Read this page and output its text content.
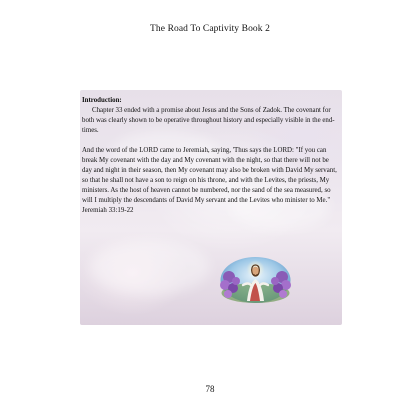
The Road To Captivity Book 2

Introduction:

Chapter 33 ended with a promise about Jesus and the Sons of Zadok. The covenant for both was clearly shown to be operative throughout history and especially visible in the end-times.

And the word of the LORD came to Jeremiah, saying, 'Thus says the LORD: "If you can break My covenant with the day and My covenant with the night, so that there will not be day and night in their season, then My covenant may also be broken with David My servant, so that he shall not have a son to reign on his throne, and with the Levites, the priests, My ministers. As the host of heaven cannot be numbered, nor the sand of the sea measured, so will I multiply the descendants of David My servant and the Levites who minister to Me."

Jeremiah 33:19-22

78
